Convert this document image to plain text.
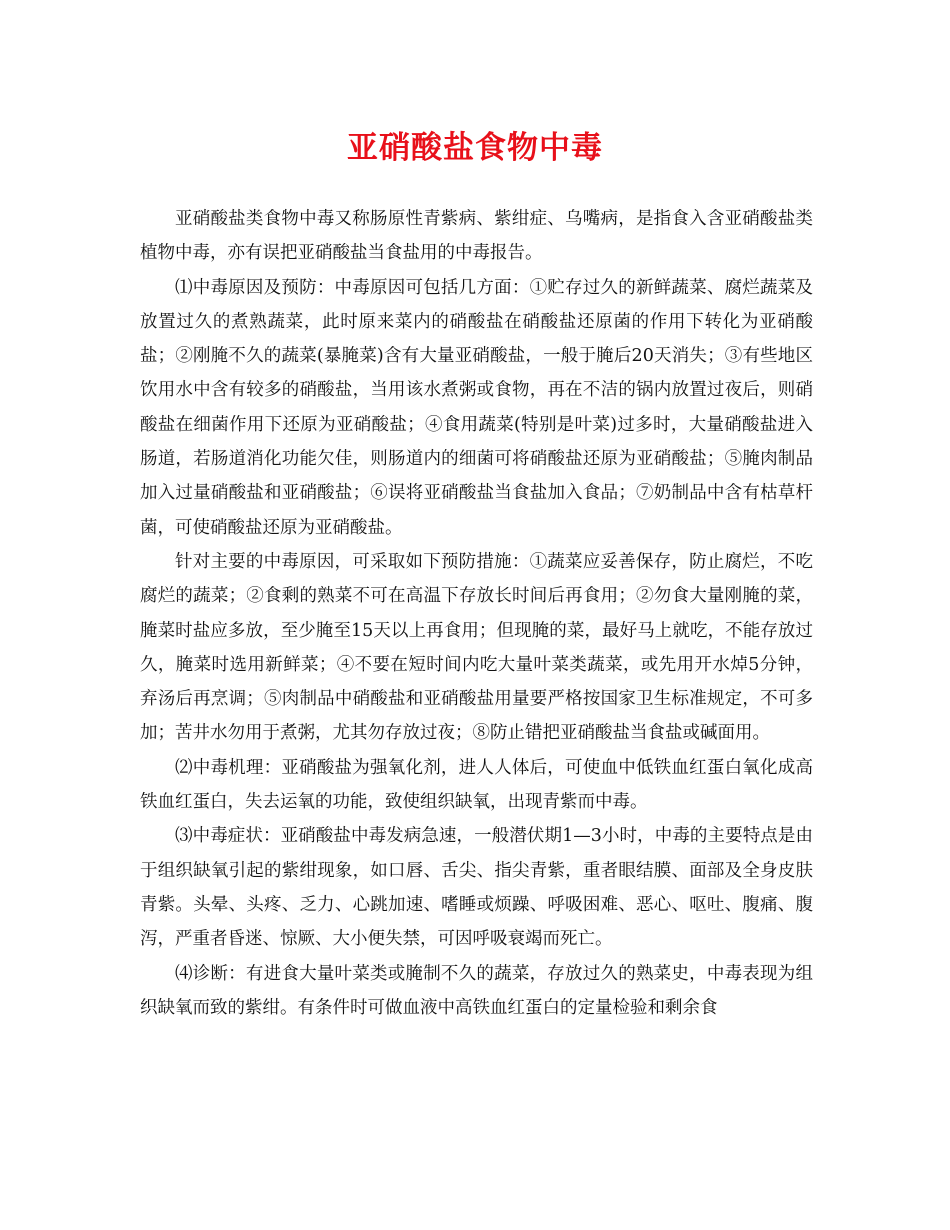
亚硝酸盐食物中毒

亚硝酸盐类食物中毒又称肠原性青紫病、紫绀症、乌嘴病，是指食入含亚硝酸盐类植物中毒，亦有误把亚硝酸盐当食盐用的中毒报告。

⑴中毒原因及预防：中毒原因可包括几方面：①贮存过久的新鲜蔬菜、腐烂蔬菜及放置过久的煮熟蔬菜，此时原来菜内的硝酸盐在硝酸盐还原菌的作用下转化为亚硝酸盐；②刚腌不久的蔬菜(暴腌菜)含有大量亚硝酸盐，一般于腌后20天消失；③有些地区饮用水中含有较多的硝酸盐，当用该水煮粥或食物，再在不洁的锅内放置过夜后，则硝酸盐在细菌作用下还原为亚硝酸盐；④食用蔬菜(特别是叶菜)过多时，大量硝酸盐进入肠道，若肠道消化功能欠佳，则肠道内的细菌可将硝酸盐还原为亚硝酸盐；⑤腌肉制品加入过量硝酸盐和亚硝酸盐；⑥误将亚硝酸盐当食盐加入食品；⑦奶制品中含有枯草杆菌，可使硝酸盐还原为亚硝酸盐。

针对主要的中毒原因，可采取如下预防措施：①蔬菜应妥善保存，防止腐烂，不吃腐烂的蔬菜；②食剩的熟菜不可在高温下存放长时间后再食用；②勿食大量刚腌的菜，腌菜时盐应多放，至少腌至15天以上再食用；但现腌的菜，最好马上就吃，不能存放过久，腌菜时选用新鲜菜；④不要在短时间内吃大量叶菜类蔬菜，或先用开水焯5分钟，弃汤后再烹调；⑤肉制品中硝酸盐和亚硝酸盐用量要严格按国家卫生标准规定，不可多加；苦井水勿用于煮粥，尤其勿存放过夜；⑧防止错把亚硝酸盐当食盐或碱面用。

⑵中毒机理：亚硝酸盐为强氧化剂，进人人体后，可使血中低铁血红蛋白氧化成高铁血红蛋白，失去运氧的功能，致使组织缺氧，出现青紫而中毒。

⑶中毒症状：亚硝酸盐中毒发病急速，一般潜伏期1—3小时，中毒的主要特点是由于组织缺氧引起的紫绀现象，如口唇、舌尖、指尖青紫，重者眼结膜、面部及全身皮肤青紫。头晕、头疼、乏力、心跳加速、嗜睡或烦躁、呼吸困难、恶心、呕吐、腹痛、腹泻，严重者昏迷、惊厥、大小便失禁，可因呼吸衰竭而死亡。

⑷诊断：有进食大量叶菜类或腌制不久的蔬菜，存放过久的熟菜史，中毒表现为组织缺氧而致的紫绀。有条件时可做血液中高铁血红蛋白的定量检验和剩余食
